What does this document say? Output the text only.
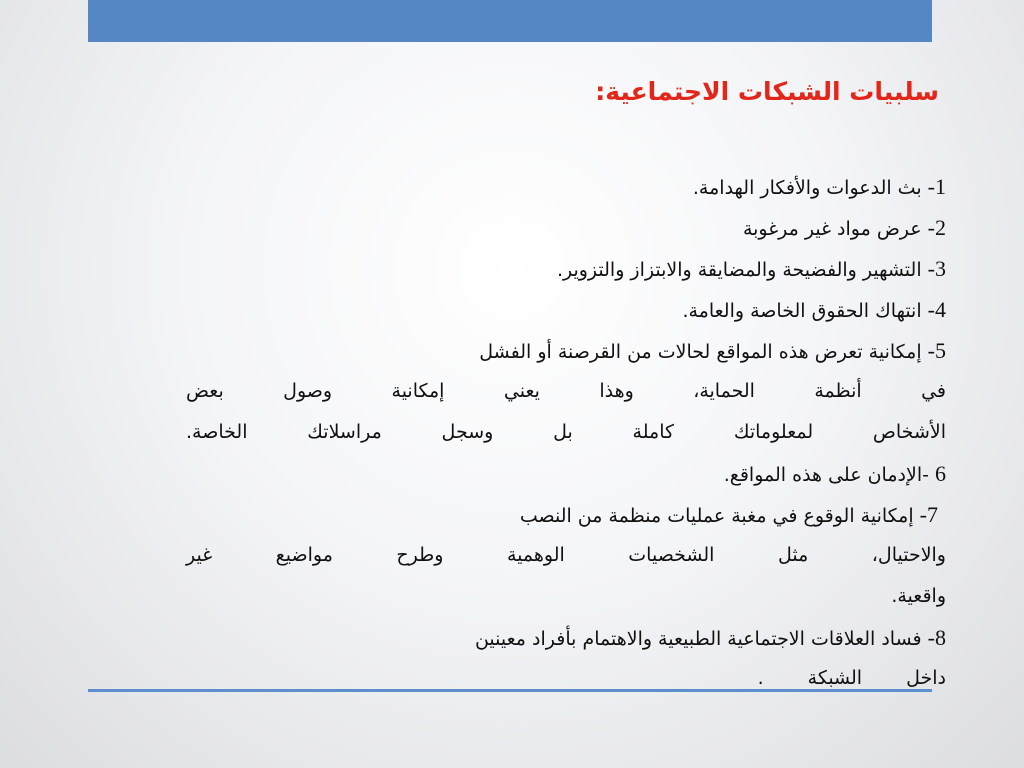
سلبيات الشبكات الاجتماعية:
1- بث الدعوات والأفكار الهدامة.
2- عرض مواد غير مرغوبة
3- التشهير والفضيحة والمضايقة والابتزاز والتزوير.
4- انتهاك الحقوق الخاصة والعامة.
5- إمكانية تعرض هذه المواقع لحالات من القرصنة أو الفشل
في أنظمة الحماية، وهذا يعني إمكانية وصول بعض
الأشخاص لمعلوماتك كاملة بل وسجل مراسلاتك الخاصة.
6 -الإدمان على هذه المواقع.
7- إمكانية الوقوع في مغبة عمليات منظمة من النصب
والاحتيال، مثل الشخصيات الوهمية وطرح مواضيع غير
واقعية.
8- فساد العلاقات الاجتماعية الطبيعية والاهتمام بأفراد معينين
داخل الشبكة .
